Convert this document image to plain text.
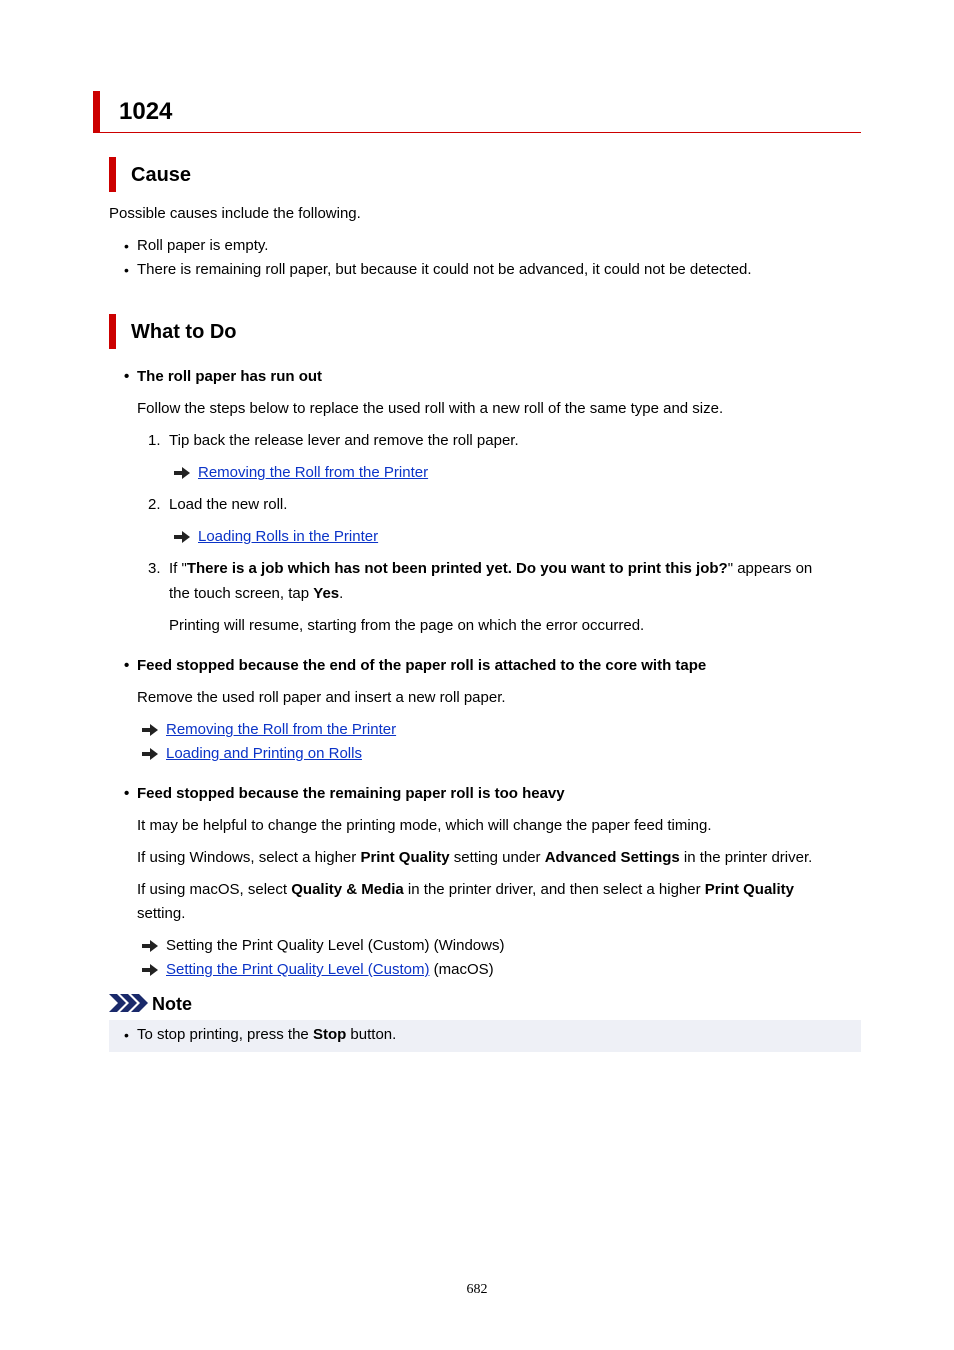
1024
Cause
Possible causes include the following.
• Roll paper is empty.
• There is remaining roll paper, but because it could not be advanced, it could not be detected.
What to Do
• The roll paper has run out
Follow the steps below to replace the used roll with a new roll of the same type and size.
1. Tip back the release lever and remove the roll paper.
Removing the Roll from the Printer
2. Load the new roll.
Loading Rolls in the Printer
3. If "There is a job which has not been printed yet. Do you want to print this job?" appears on
the touch screen, tap Yes.
Printing will resume, starting from the page on which the error occurred.
• Feed stopped because the end of the paper roll is attached to the core with tape
Remove the used roll paper and insert a new roll paper.
Removing the Roll from the Printer
Loading and Printing on Rolls
• Feed stopped because the remaining paper roll is too heavy
It may be helpful to change the printing mode, which will change the paper feed timing.
If using Windows, select a higher Print Quality setting under Advanced Settings in the printer driver.
If using macOS, select Quality & Media in the printer driver, and then select a higher Print Quality
setting.
Setting the Print Quality Level (Custom) (Windows)
Setting the Print Quality Level (Custom) (macOS)
Note
• To stop printing, press the Stop button.
682
